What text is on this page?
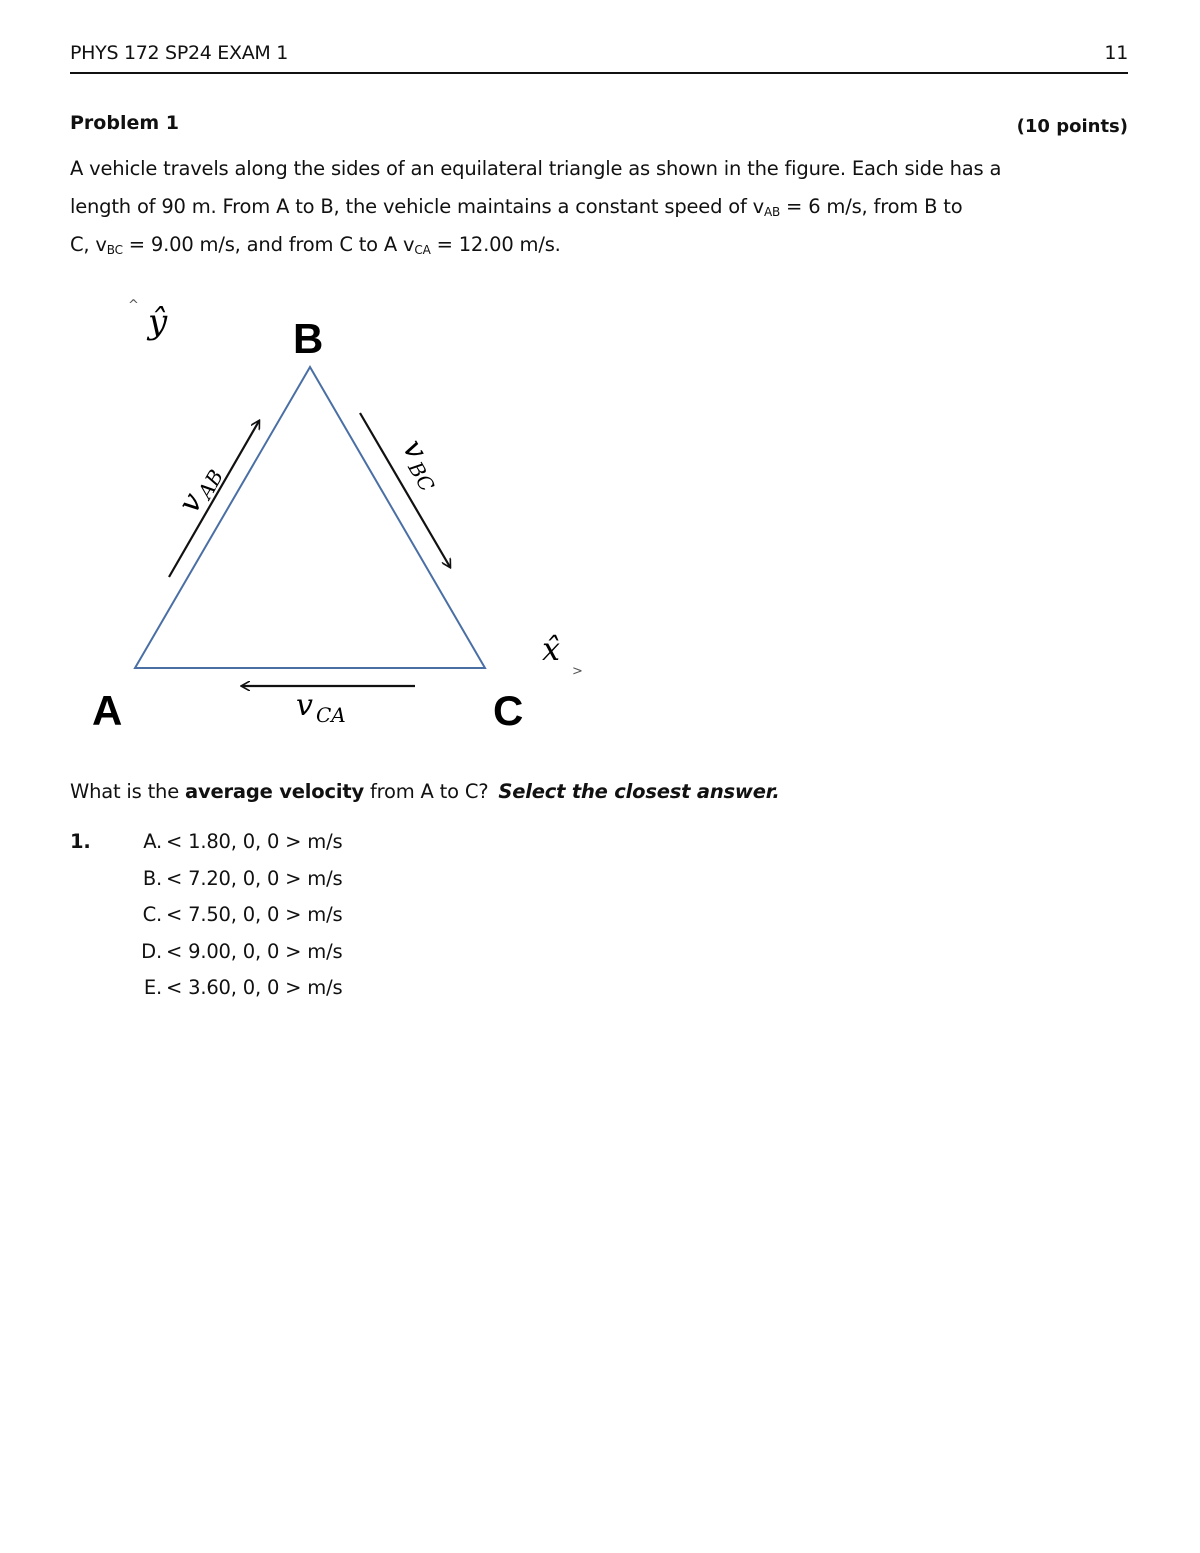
PHYS 172 SP24 EXAM 1	11
Problem 1	(10 points)
A vehicle travels along the sides of an equilateral triangle as shown in the figure. Each side has a
length of 90 m. From A to B, the vehicle maintains a constant speed of $v_{AB} = 6$ m/s, from B to
C, $v_{BC} = 9.00$ m/s, and from C to A $v_{CA} = 12.00$ m/s.
A
B
C
v
AB
v
BC
v CA
ŷ
^
x̂
>
What is the average velocity from A to C? Select the closest answer.
1.	A. < 1.80, 0, 0 > m/s
B. < 7.20, 0, 0 > m/s
C. < 7.50, 0, 0 > m/s
D. < 9.00, 0, 0 > m/s
E. < 3.60, 0, 0 > m/s
